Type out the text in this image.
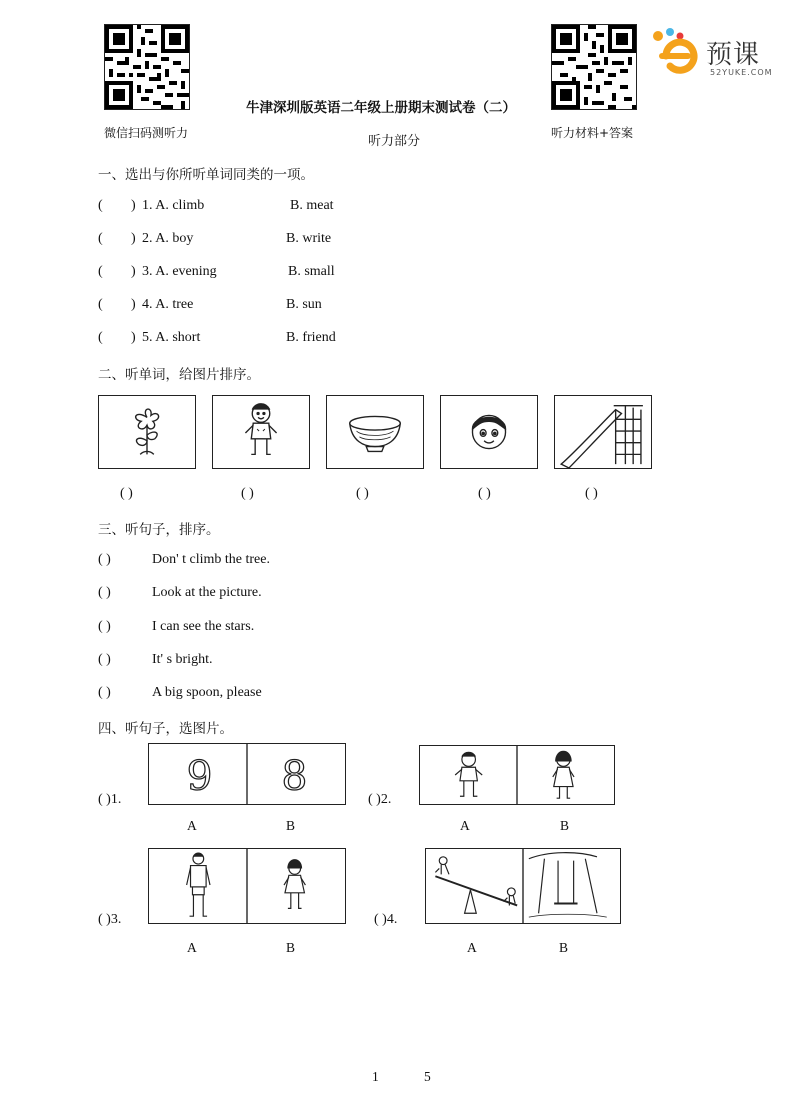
微信扫码测听力
牛津深圳版英语二年级上册期末测试卷（二）
听力部分
听力材料+答案
预课
52YUKE.COM
一、选出与你所听单词同类的一项。
( ) 1. A. climb	B. meat
( ) 2. A. boy	B. write
( ) 3. A. evening	B. small
( ) 4. A. tree	B. sun
( ) 5. A. short	B. friend
二、听单词，给图片排序。
( )	( )	( )	( )	( )
三、听句子，排序。
( )	Don' t climb the tree.
( )	Look at the picture.
( )	I can see the stars.
( )	It' s bright.
( )	A big spoon, please
四、听句子，选图片。
( )1.
9 8
A	B
( )2.
A	B
( )3.
A	B
( )4.
A	B
1	5
